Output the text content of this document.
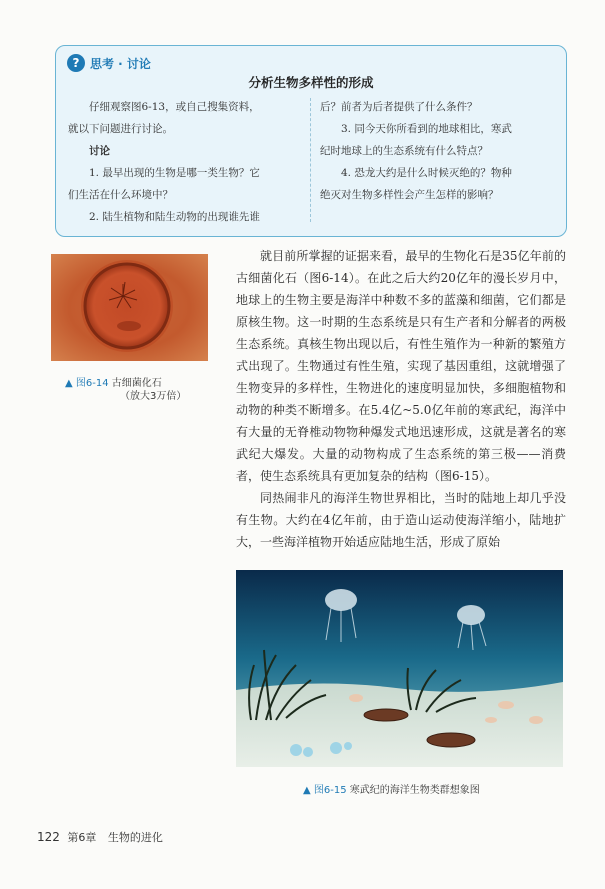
? 思考 · 讨论
分析生物多样性的形成

仔细观察图6-13，或自己搜集资料，

就以下问题进行讨论。

讨论

1. 最早出现的生物是哪一类生物？它

们生活在什么环境中？

2. 陆生植物和陆生动物的出现谁先谁

后？前者为后者提供了什么条件？

3. 同今天你所看到的地球相比，寒武

纪时地球上的生态系统有什么特点？

4. 恐龙大约是什么时候灭绝的？物种

绝灭对生物多样性会产生怎样的影响？

▲ 图6-14 古细菌化石
（放大3万倍）

就目前所掌握的证据来看，最早的生物化石是35亿年前的古细菌化石（图6-14）。在此之后大约20亿年的漫长岁月中，地球上的生物主要是海洋中种数不多的蓝藻和细菌，它们都是原核生物。这一时期的生态系统是只有生产者和分解者的两极生态系统。真核生物出现以后，有性生殖作为一种新的繁殖方式出现了。生物通过有性生殖，实现了基因重组，这就增强了生物变异的多样性，生物进化的速度明显加快，多细胞植物和动物的种类不断增多。在5.4亿~5.0亿年前的寒武纪，海洋中有大量的无脊椎动物物种爆发式地迅速形成，这就是著名的寒武纪大爆发。大量的动物构成了生态系统的第三极——消费者，使生态系统具有更加复杂的结构（图6-15）。

同热闹非凡的海洋生物世界相比，当时的陆地上却几乎没有生物。大约在4亿年前，由于造山运动使海洋缩小，陆地扩大，一些海洋植物开始适应陆地生活，形成了原始

▲ 图6-15 寒武纪的海洋生物类群想象图
122 第6章 生物的进化
